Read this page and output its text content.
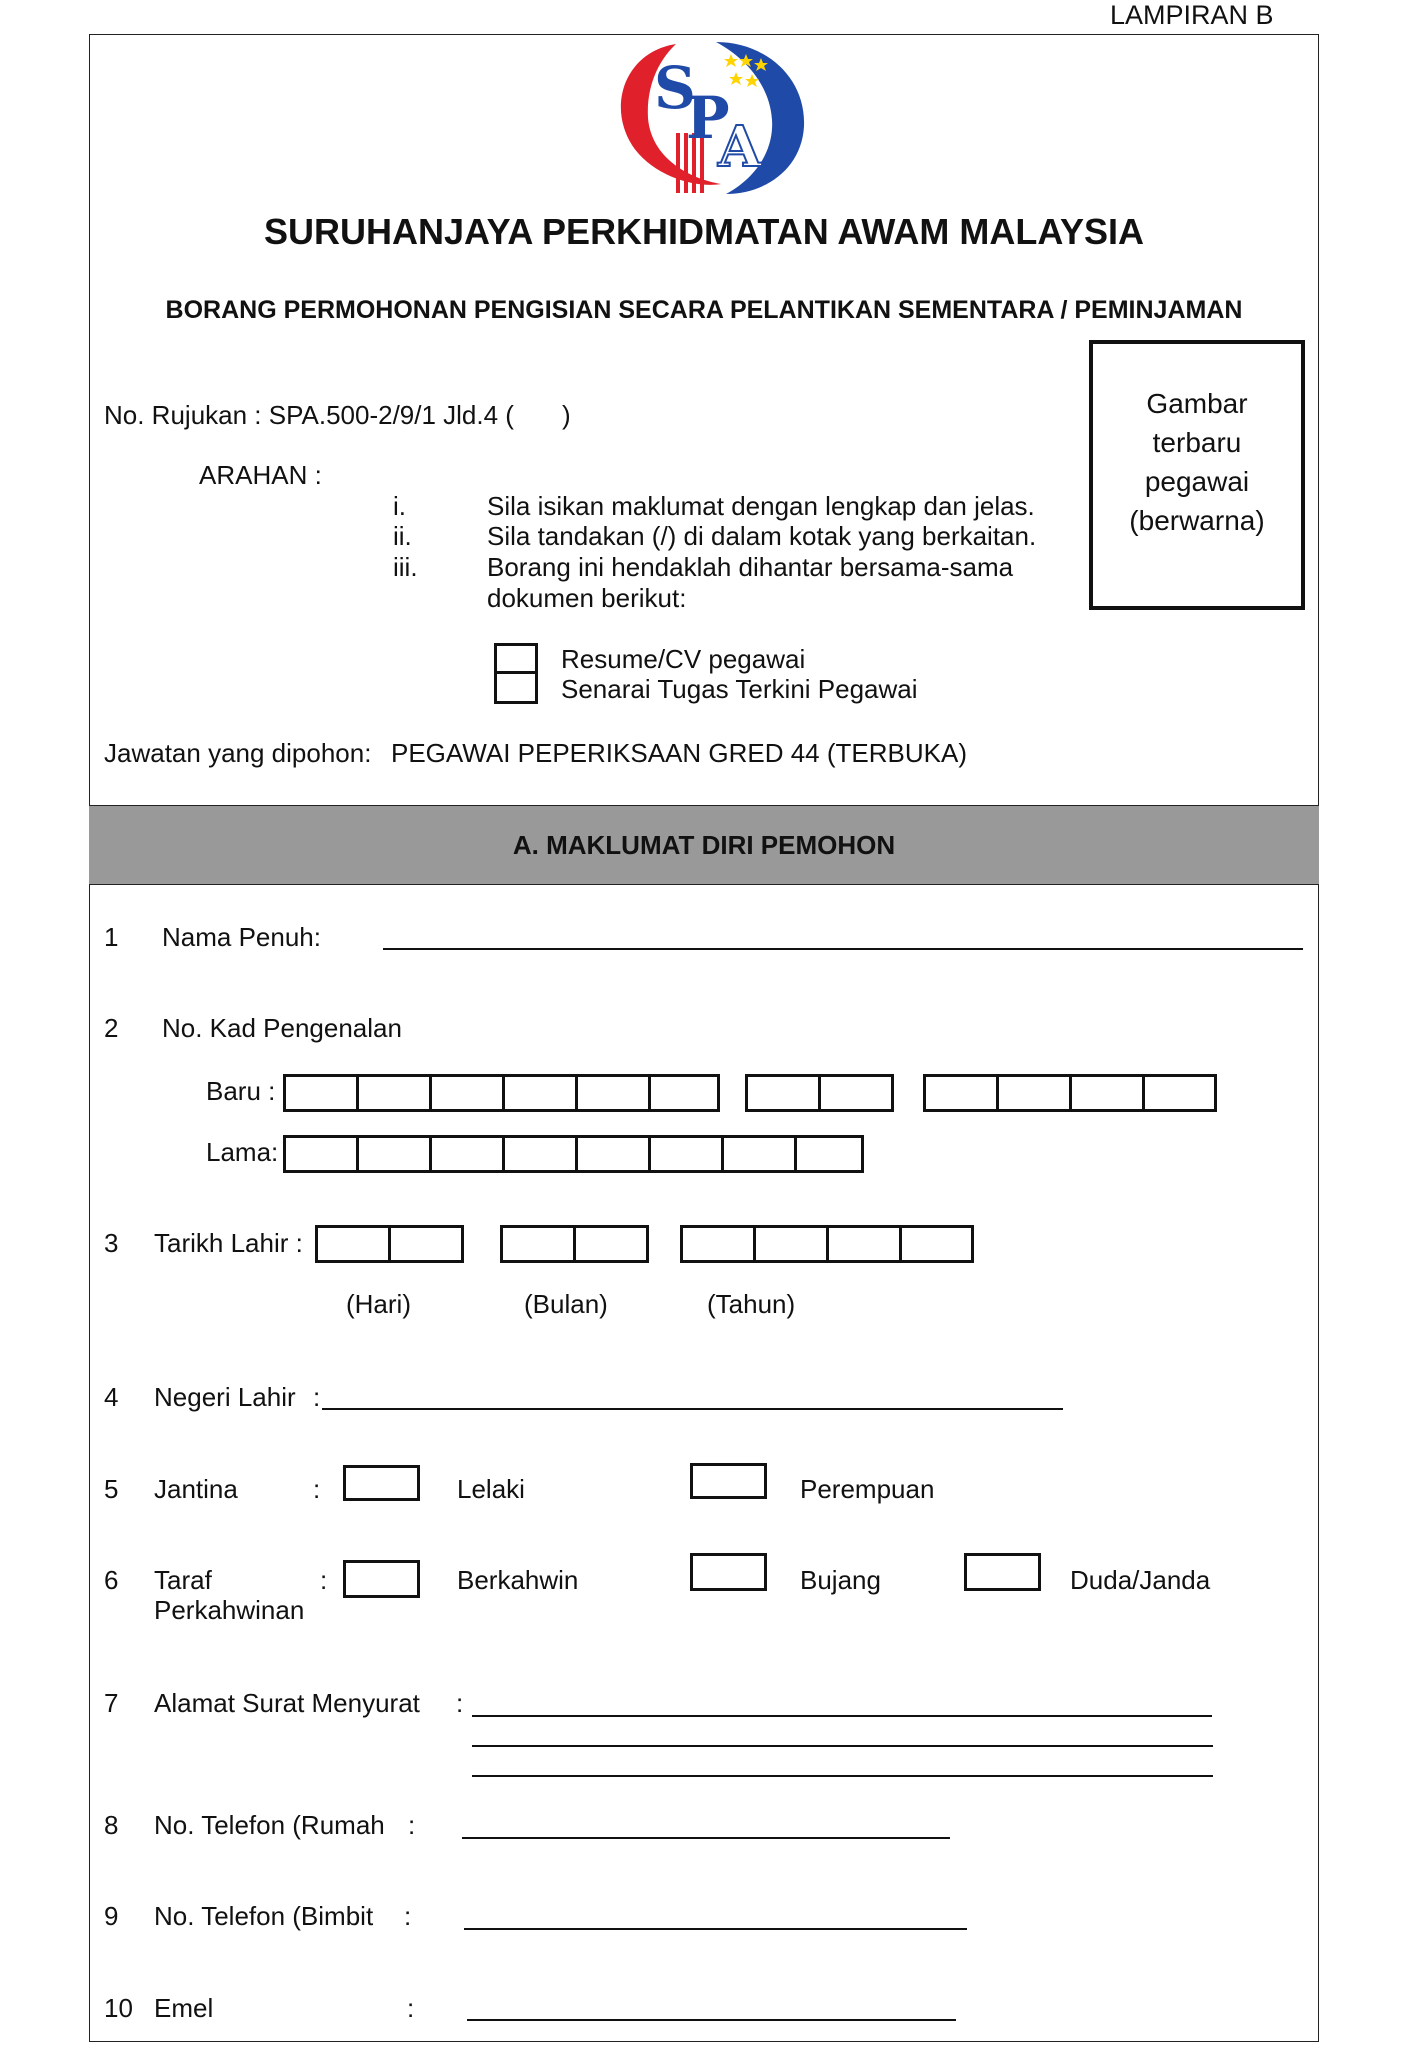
LAMPIRAN B
S
P
A
SURUHANJAYA PERKHIDMATAN AWAM MALAYSIA
BORANG PERMOHONAN PENGISIAN SECARA PELANTIKAN SEMENTARA / PEMINJAMAN
No. Rujukan : SPA.500-2/9/1 Jld.4 ( )	Gambar
terbaru
pegawai
(berwarna)
ARAHAN :
i.	Sila isikan maklumat dengan lengkap dan jelas.
ii.	Sila tandakan (/) di dalam kotak yang berkaitan.
iii.	Borang ini hendaklah dihantar bersama-sama
dokumen berikut:
Resume/CV pegawai
Senarai Tugas Terkini Pegawai
Jawatan yang dipohon: PEGAWAI PEPERIKSAAN GRED 44 (TERBUKA)
A. MAKLUMAT DIRI PEMOHON
1 Nama Penuh:
2 No. Kad Pengenalan
Baru :
Lama:
3 Tarikh Lahir :
(Hari)	(Bulan)	(Tahun)
4 Negeri Lahir :
5 Jantina	:	Lelaki	Perempuan
6 Taraf
Perkahwinan
:	Berkahwin	Bujang	Duda/Janda
7 Alamat Surat Menyurat :
8 No. Telefon (Rumah :
9 No. Telefon (Bimbit :
10 Emel	:
